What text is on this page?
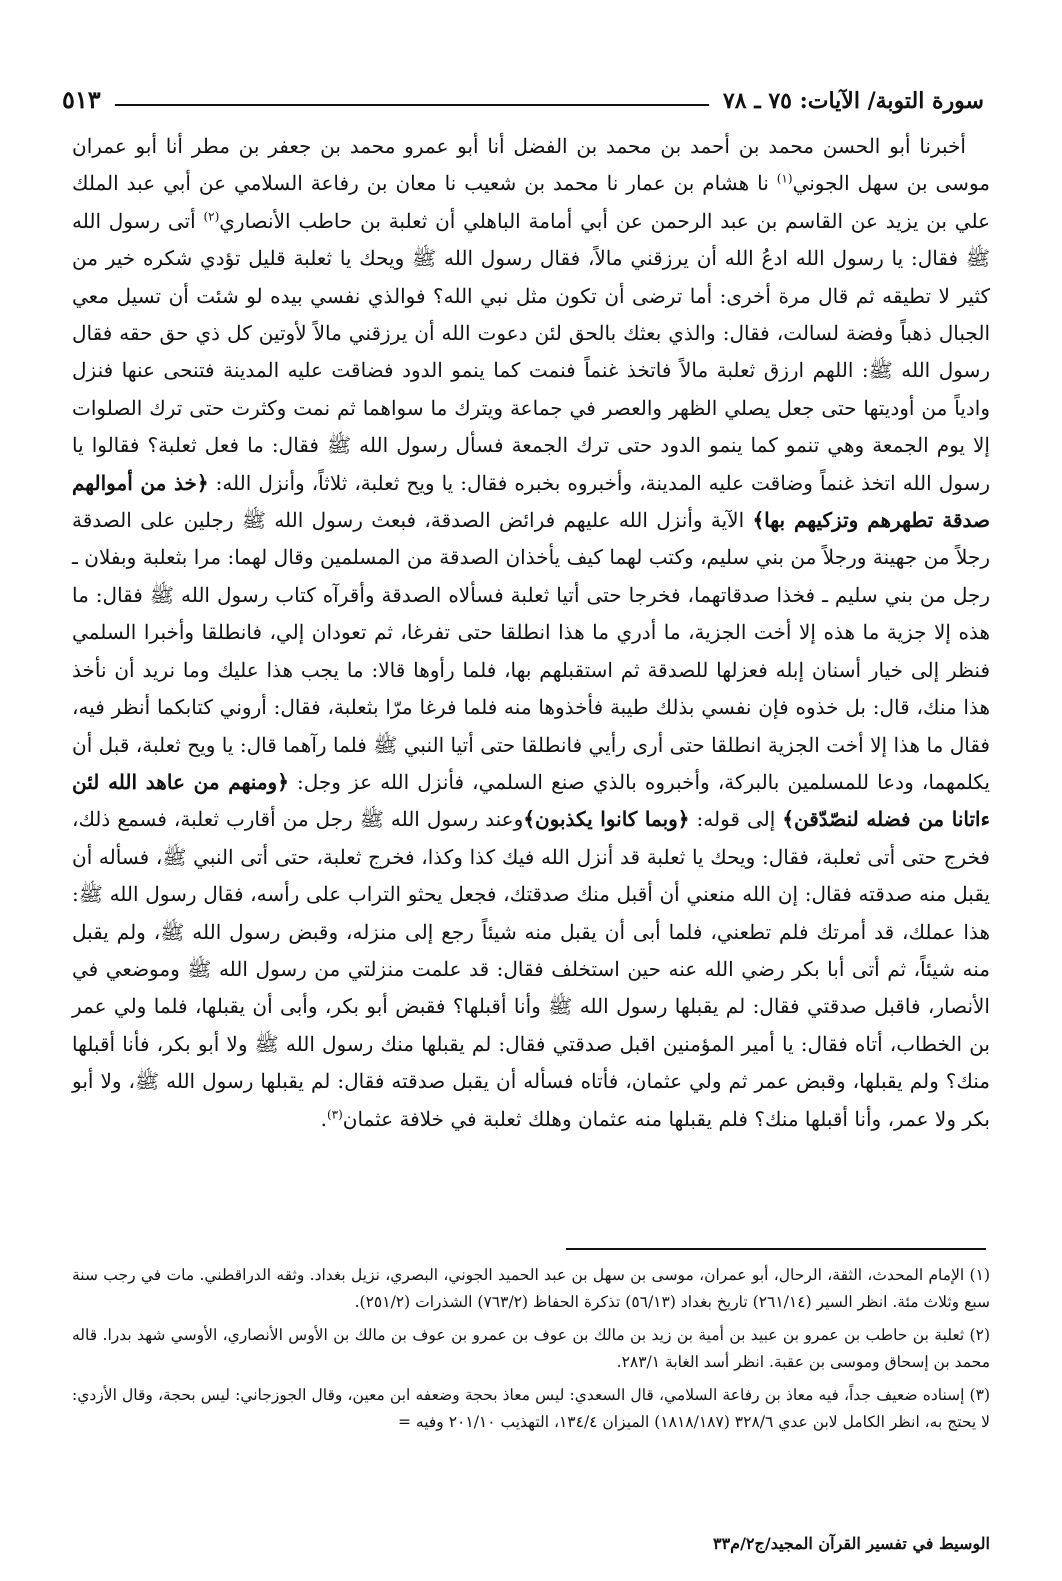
سورة التوبة/ الآيات: ٧٥ ـ ٧٨
٥١٣

أخبرنا أبو الحسن محمد بن أحمد بن محمد بن الفضل أنا أبو عمرو محمد بن جعفر بن مطر أنا أبو عمران موسى بن سهل الجوني$^{(١)}$ نا هشام بن عمار نا محمد بن شعيب نا معان بن رفاعة السلامي عن أبي عبد الملك علي بن يزيد عن القاسم بن عبد الرحمن عن أبي أمامة الباهلي أن ثعلبة بن حاطب الأنصاري$^{(٢)}$ أتى رسول الله ﷺ فقال: يا رسول الله ادعُ الله أن يرزقني مالاً، فقال رسول الله ﷺ ويحك يا ثعلبة قليل تؤدي شكره خير من كثير لا تطيقه ثم قال مرة أخرى: أما ترضى أن تكون مثل نبي الله؟ فوالذي نفسي بيده لو شئت أن تسيل معي الجبال ذهباً وفضة لسالت، فقال: والذي بعثك بالحق لئن دعوت الله أن يرزقني مالاً لأوتين كل ذي حق حقه فقال رسول الله ﷺ: اللهم ارزق ثعلبة مالاً فاتخذ غنماً فنمت كما ينمو الدود فضاقت عليه المدينة فتنحى عنها فنزل وادياً من أوديتها حتى جعل يصلي الظهر والعصر في جماعة ويترك ما سواهما ثم نمت وكثرت حتى ترك الصلوات إلا يوم الجمعة وهي تنمو كما ينمو الدود حتى ترك الجمعة فسأل رسول الله ﷺ فقال: ما فعل ثعلبة؟ فقالوا يا رسول الله اتخذ غنماً وضاقت عليه المدينة، وأخبروه بخبره فقال: يا ويح ثعلبة، ثلاثاً، وأنزل الله: ﴿خذ من أموالهم صدقة تطهرهم وتزكيهم بها﴾ الآية وأنزل الله عليهم فرائض الصدقة، فبعث رسول الله ﷺ رجلين على الصدقة رجلاً من جهينة ورجلاً من بني سليم، وكتب لهما كيف يأخذان الصدقة من المسلمين وقال لهما: مرا بثعلبة وبفلان ـ رجل من بني سليم ـ فخذا صدقاتهما، فخرجا حتى أتيا ثعلبة فسألاه الصدقة وأقرآه كتاب رسول الله ﷺ فقال: ما هذه إلا جزية ما هذه إلا أخت الجزية، ما أدري ما هذا انطلقا حتى تفرغا، ثم تعودان إلي، فانطلقا وأخبرا السلمي فنظر إلى خيار أسنان إبله فعزلها للصدقة ثم استقبلهم بها، فلما رأوها قالا: ما يجب هذا عليك وما نريد أن نأخذ هذا منك، قال: بل خذوه فإن نفسي بذلك طيبة فأخذوها منه فلما فرغا مرّا بثعلبة، فقال: أروني كتابكما أنظر فيه، فقال ما هذا إلا أخت الجزية انطلقا حتى أرى رأيي فانطلقا حتى أتيا النبي ﷺ فلما رآهما قال: يا ويح ثعلبة، قبل أن يكلمهما، ودعا للمسلمين بالبركة، وأخبروه بالذي صنع السلمي، فأنزل الله عز وجل: ﴿ومنهم من عاهد الله لئن ءاتانا من فضله لنصّدّقن﴾ إلى قوله: ﴿وبما كانوا يكذبون﴾وعند رسول الله ﷺ رجل من أقارب ثعلبة، فسمع ذلك، فخرج حتى أتى ثعلبة، فقال: ويحك يا ثعلبة قد أنزل الله فيك كذا وكذا، فخرج ثعلبة، حتى أتى النبي ﷺ، فسأله أن يقبل منه صدقته فقال: إن الله منعني أن أقبل منك صدقتك، فجعل يحثو التراب على رأسه، فقال رسول الله ﷺ: هذا عملك، قد أمرتك فلم تطعني، فلما أبى أن يقبل منه شيئاً رجع إلى منزله، وقبض رسول الله ﷺ، ولم يقبل منه شيئاً، ثم أتى أبا بكر رضي الله عنه حين استخلف فقال: قد علمت منزلتي من رسول الله ﷺ وموضعي في الأنصار، فاقبل صدقتي فقال: لم يقبلها رسول الله ﷺ وأنا أقبلها؟ فقبض أبو بكر، وأبى أن يقبلها، فلما ولي عمر بن الخطاب، أتاه فقال: يا أمير المؤمنين اقبل صدقتي فقال: لم يقبلها منك رسول الله ﷺ ولا أبو بكر، فأنا أقبلها منك؟ ولم يقبلها، وقبض عمر ثم ولي عثمان، فأتاه فسأله أن يقبل صدقته فقال: لم يقبلها رسول الله ﷺ، ولا أبو بكر ولا عمر، وأنا أقبلها منك؟ فلم يقبلها منه عثمان وهلك ثعلبة في خلافة عثمان$^{(٣)}$.

(١) الإمام المحدث، الثقة، الرحال، أبو عمران، موسى بن سهل بن عبد الحميد الجوني، البصري، نزيل بغداد. وثقه الدراقطني. مات في رجب سنة سبع وثلاث مئة. انظر السير (٢٦١/١٤) تاريخ بغداد (٥٦/١٣) تذكرة الحفاظ (٧٦٣/٢) الشذرات (٢٥١/٢).

(٢) ثعلبة بن حاطب بن عمرو بن عبيد بن أمية بن زيد بن مالك بن عوف بن عمرو بن عوف بن مالك بن الأوس الأنصاري، الأوسي شهد بدرا. قاله محمد بن إسحاق وموسى بن عقبة. انظر أسد الغابة ٢٨٣/١.

(٣) إسناده ضعيف جداً، فيه معاذ بن رفاعة السلامي، قال السعدي: ليس معاذ بحجة وضعفه ابن معين، وقال الجوزجاني: ليس بحجة، وقال الأزدي: لا يحتج به، انظر الكامل لابن عدي ٣٢٨/٦ (١٨١٨/١٨٧) الميزان ١٣٤/٤، التهذيب ٢٠١/١٠ وفيه =

الوسيط في تفسير القرآن المجيد/ج٢/م٣٣
